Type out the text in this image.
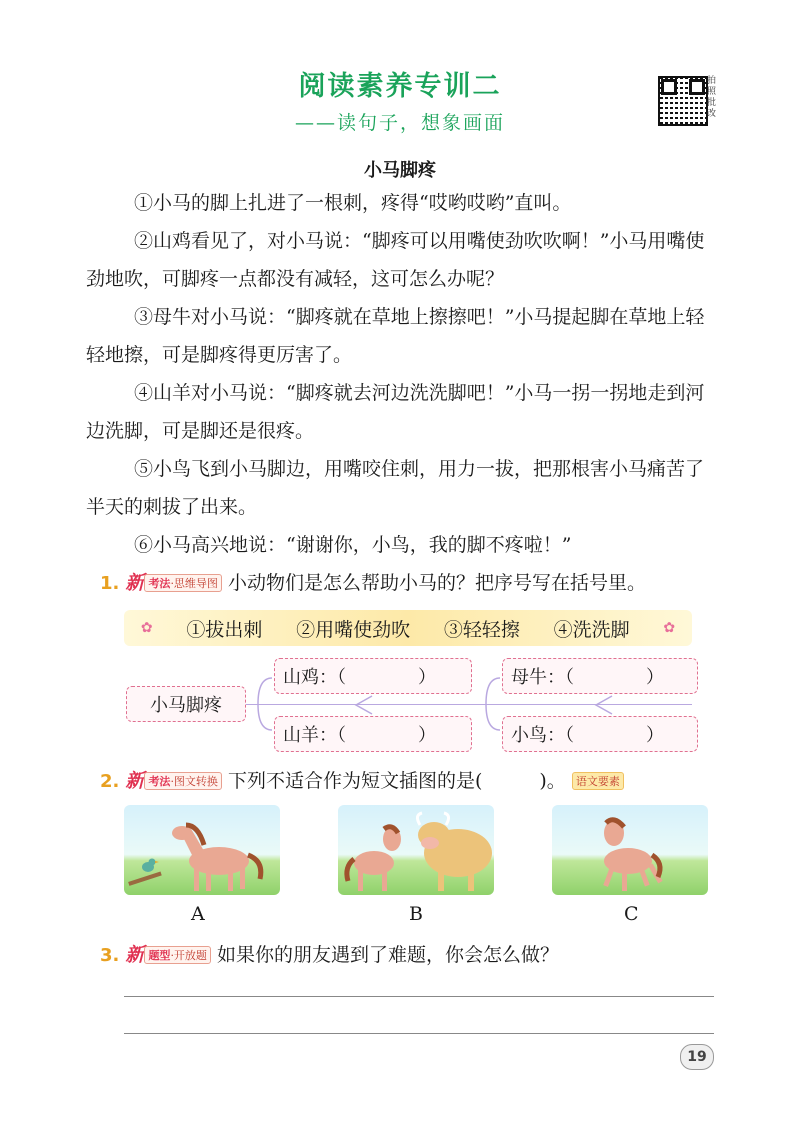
阅读素养专训二
——读句子，想象画面
拍照批改
小马脚疼

①小马的脚上扎进了一根刺，疼得“哎哟哎哟”直叫。

②山鸡看见了，对小马说：“脚疼可以用嘴使劲吹吹啊！”小马用嘴使劲地吹，可脚疼一点都没有减轻，这可怎么办呢？

③母牛对小马说：“脚疼就在草地上擦擦吧！”小马提起脚在草地上轻轻地擦，可是脚疼得更厉害了。

④山羊对小马说：“脚疼就去河边洗洗脚吧！”小马一拐一拐地走到河边洗脚，可是脚还是很疼。

⑤小鸟飞到小马脚边，用嘴咬住刺，用力一拔，把那根害小马痛苦了半天的刺拔了出来。

⑥小马高兴地说：“谢谢你，小鸟，我的脚不疼啦！”

1. 新 考法·思维导图 小动物们是怎么帮助小马的？把序号写在括号里。
✿ ①拔出刺 ②用嘴使劲吹 ③轻轻擦 ④洗洗脚 ✿
小马脚疼
山鸡：（　　　　）	母牛：（　　　　）
山羊：（　　　　）	小鸟：（　　　　）
2. 新 考法·图文转换 下列不适合作为短文插图的是(　　　)。 语文要素
A	B	C
3. 新 题型·开放题 如果你的朋友遇到了难题，你会怎么做？
19
